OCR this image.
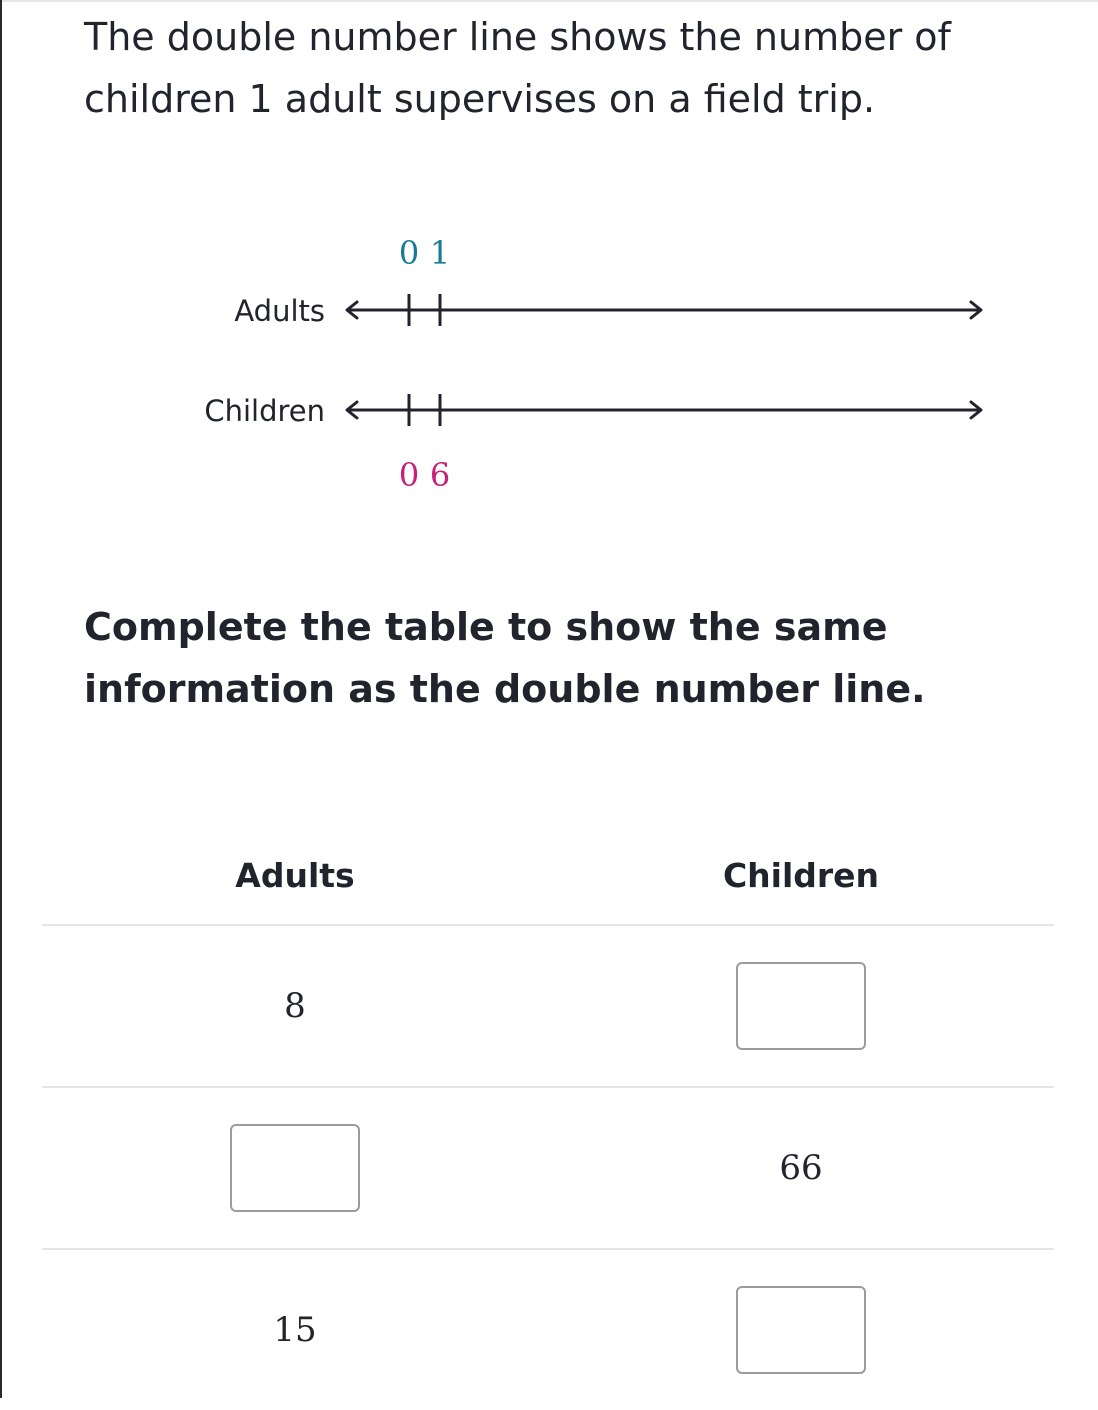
The double number line shows the number of children 1 adult supervises on a field trip.
Adults
0 1
Children
0 6
Complete the table to show the same information as the double number line.
Adults	Children
8
66
15
